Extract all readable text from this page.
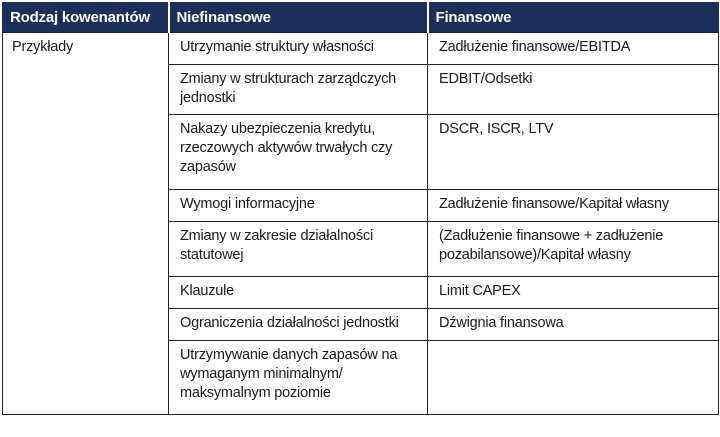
Rodzaj kowenantów	Niefinansowe	Finansowe
Przykłady	Utrzymanie struktury własności	Zadłużenie finansowe/EBITDA
	Zmiany w strukturach zarządczych jednostki	EDBIT/Odsetki
	Nakazy ubezpieczenia kredytu, rzeczowych aktywów trwałych czy zapasów	DSCR, ISCR, LTV
	Wymogi informacyjne	Zadłużenie finansowe/Kapitał własny
	Zmiany w zakresie działalności statutowej	(Zadłużenie finansowe + zadłużenie pozabilansowe)/Kapitał własny
	Klauzule	Limit CAPEX
	Ograniczenia działalności jednostki	Dźwignia finansowa
	Utrzymywanie danych zapasów na wymaganym minimalnym/ maksymalnym poziomie	
